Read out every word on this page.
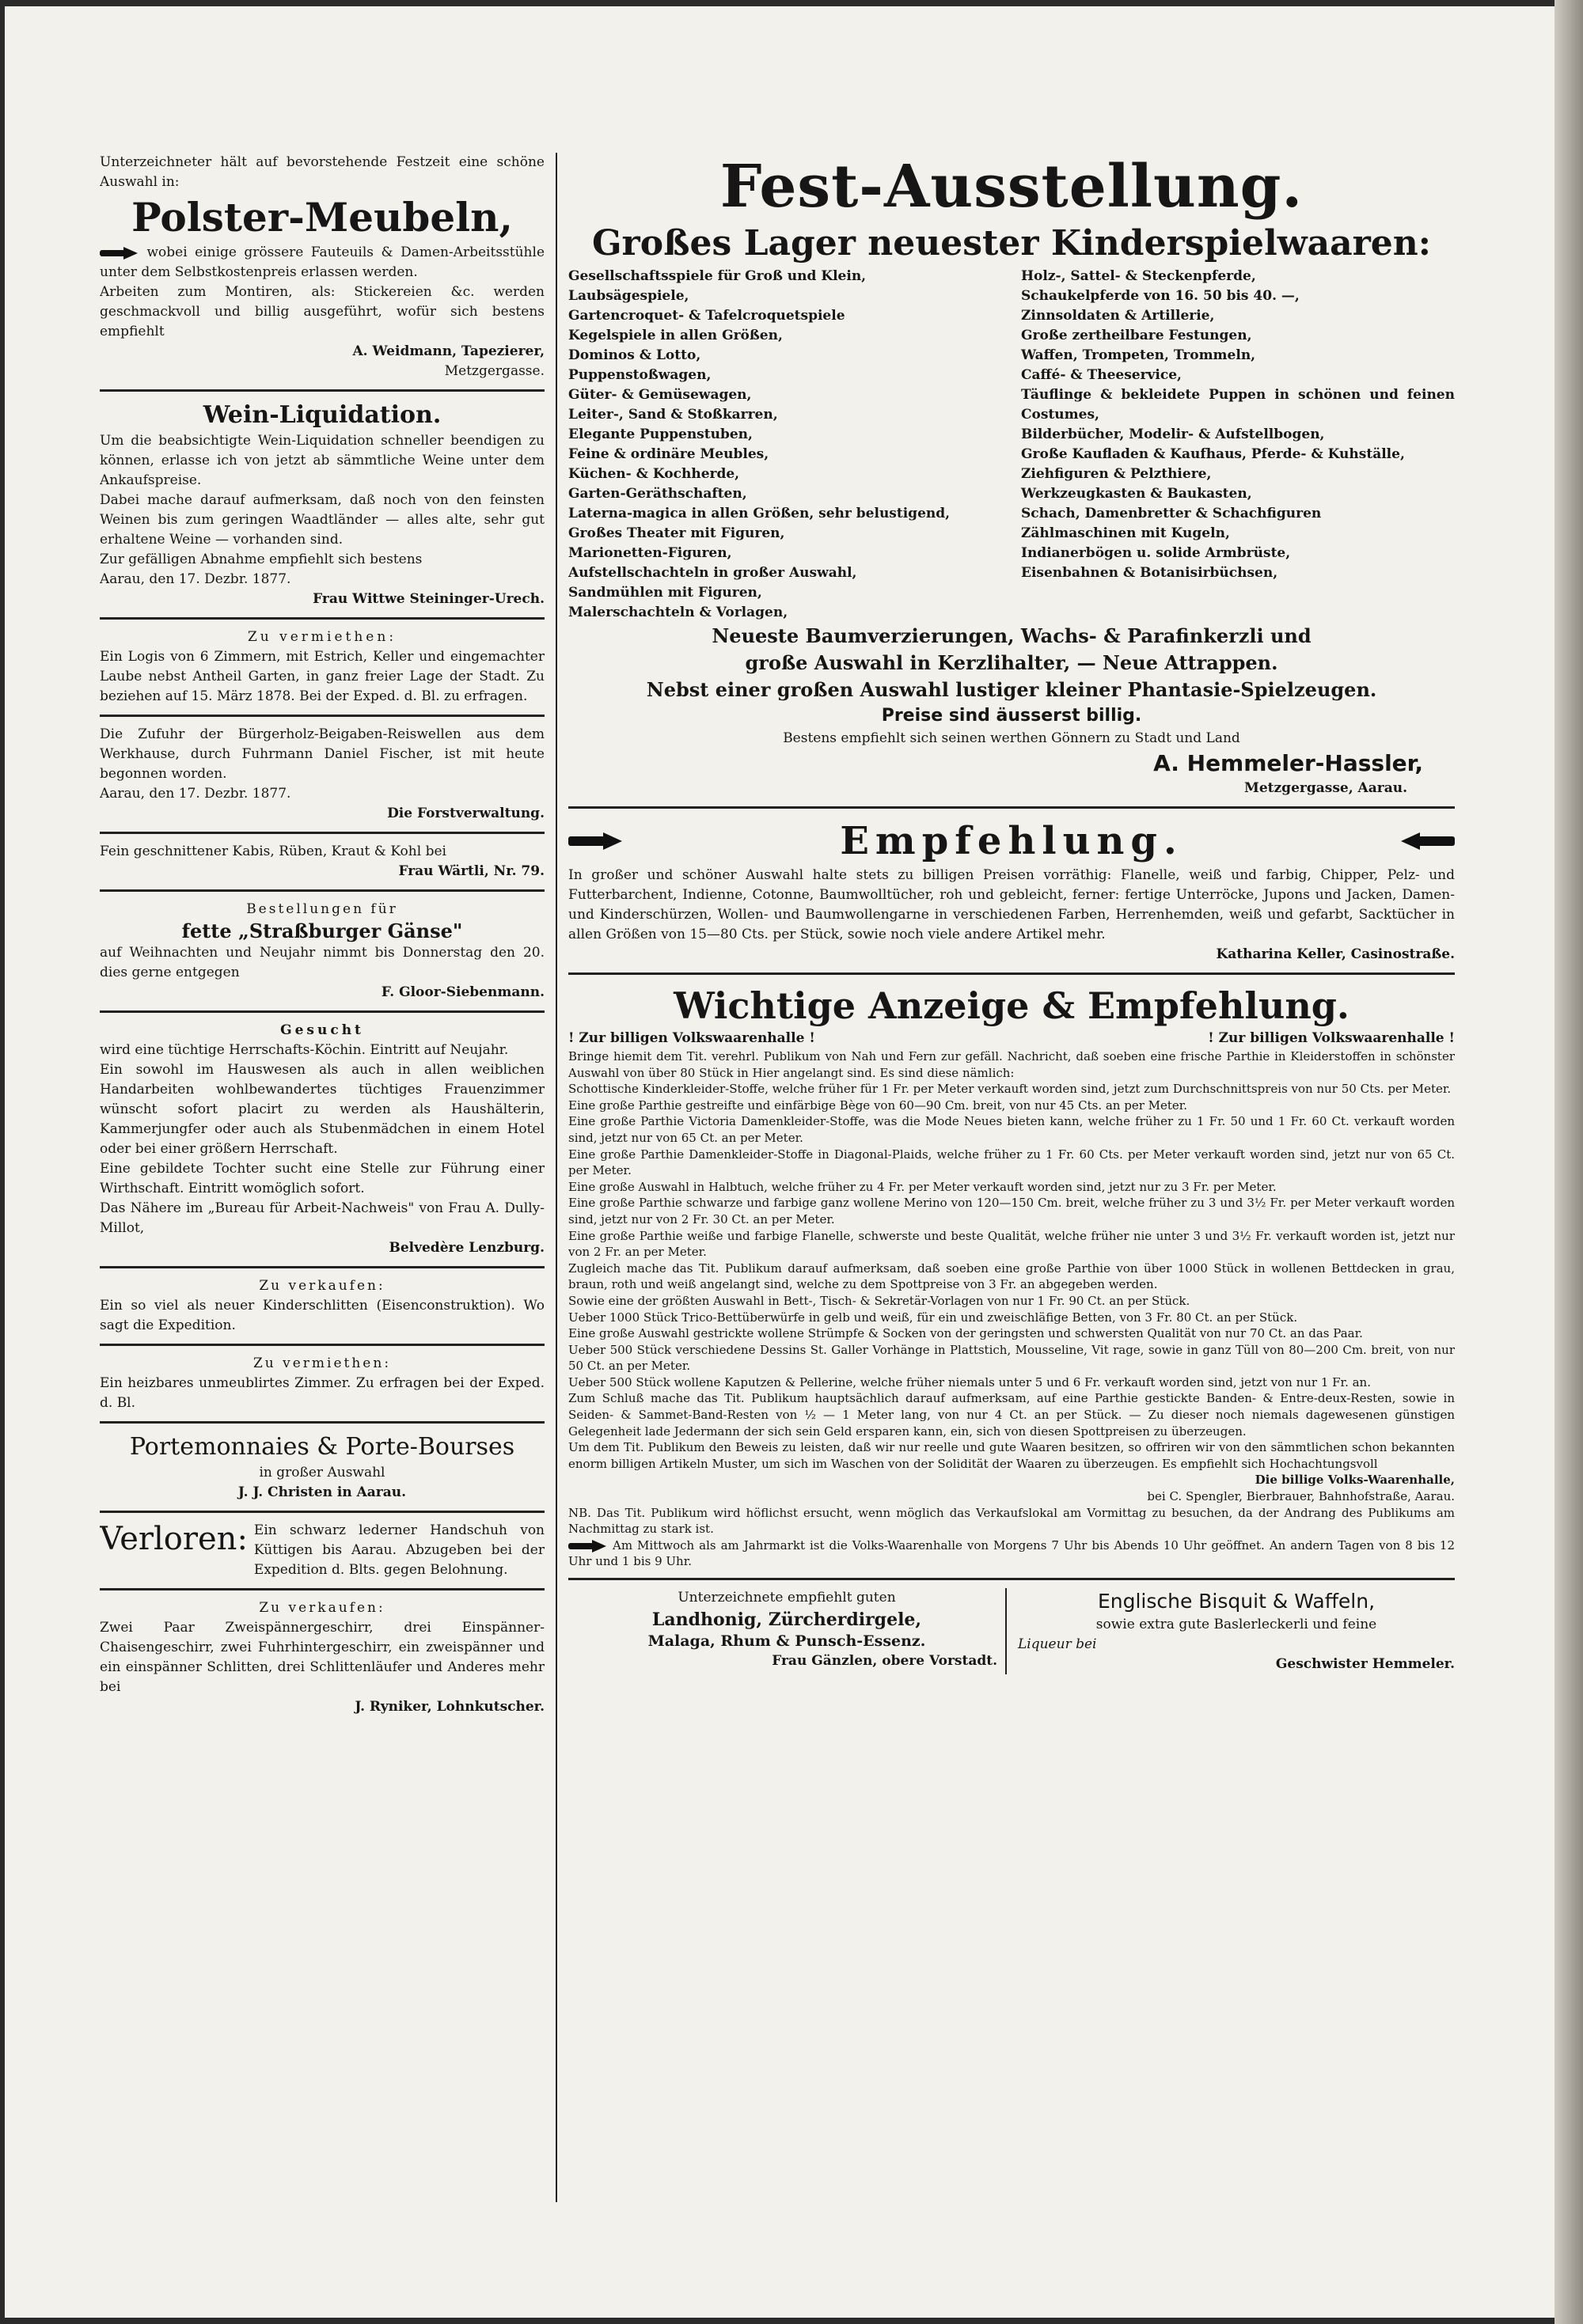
Unterzeichneter hält auf bevorstehende Festzeit eine schöne Auswahl in:

Polster-Meubeln,

wobei einige grössere Fauteuils & Damen-Arbeitsstühle unter dem Selbstkostenpreis erlassen werden.

Arbeiten zum Montiren, als: Stickereien &c. werden geschmackvoll und billig ausgeführt, wofür sich bestens empfiehlt

A. Weidmann, Tapezierer,

Metzgergasse.

Wein-Liquidation.

Um die beabsichtigte Wein-Liquidation schneller beendigen zu können, erlasse ich von jetzt ab sämmtliche Weine unter dem Ankaufspreise.

Dabei mache darauf aufmerksam, daß noch von den feinsten Weinen bis zum geringen Waadtländer — alles alte, sehr gut erhaltene Weine — vorhanden sind.

Zur gefälligen Abnahme empfiehlt sich bestens

Aarau, den 17. Dezbr. 1877.

Frau Wittwe Steininger-Urech.

Zu vermiethen:

Ein Logis von 6 Zimmern, mit Estrich, Keller und eingemachter Laube nebst Antheil Garten, in ganz freier Lage der Stadt. Zu beziehen auf 15. März 1878. Bei der Exped. d. Bl. zu erfragen.

Die Zufuhr der Bürgerholz-Beigaben-Reiswellen aus dem Werkhause, durch Fuhrmann Daniel Fischer, ist mit heute begonnen worden.

Aarau, den 17. Dezbr. 1877.

Die Forstverwaltung.

Fein geschnittener Kabis, Rüben, Kraut & Kohl bei

Frau Wärtli, Nr. 79.

Bestellungen für

fette „Straßburger Gänse"

auf Weihnachten und Neujahr nimmt bis Donnerstag den 20. dies gerne entgegen

F. Gloor-Siebenmann.

Gesucht

wird eine tüchtige Herrschafts-Köchin. Eintritt auf Neujahr.

Ein sowohl im Hauswesen als auch in allen weiblichen Handarbeiten wohlbewandertes tüchtiges Frauenzimmer wünscht sofort placirt zu werden als Haushälterin, Kammerjungfer oder auch als Stubenmädchen in einem Hotel oder bei einer größern Herrschaft.

Eine gebildete Tochter sucht eine Stelle zur Führung einer Wirthschaft. Eintritt womöglich sofort.

Das Nähere im „Bureau für Arbeit-Nachweis" von Frau A. Dully-Millot,

Belvedère Lenzburg.

Zu verkaufen:

Ein so viel als neuer Kinderschlitten (Eisenconstruktion). Wo sagt die Expedition.

Zu vermiethen:

Ein heizbares unmeublirtes Zimmer. Zu erfragen bei der Exped. d. Bl.

Portemonnaies & Porte-Bourses

in großer Auswahl

J. J. Christen in Aarau.

Verloren: Ein schwarz lederner Handschuh von Küttigen bis Aarau. Abzugeben bei der Expedition d. Blts. gegen Belohnung.

Zu verkaufen:

Zwei Paar Zweispännergeschirr, drei Einspänner-Chaisengeschirr, zwei Fuhrhintergeschirr, ein zweispänner und ein einspänner Schlitten, drei Schlittenläufer und Anderes mehr bei

J. Ryniker, Lohnkutscher.

Fest-Ausstellung.

Großes Lager neuester Kinderspielwaaren:

Gesellschaftsspiele für Groß und Klein,

Laubsägespiele,

Gartencroquet- & Tafelcroquetspiele

Kegelspiele in allen Größen,

Dominos & Lotto,

Puppenstoßwagen,

Güter- & Gemüsewagen,

Leiter-, Sand & Stoßkarren,

Elegante Puppenstuben,

Feine & ordinäre Meubles,

Küchen- & Kochherde,

Garten-Geräthschaften,

Laterna-magica in allen Größen, sehr belustigend,

Großes Theater mit Figuren,

Marionetten-Figuren,

Aufstellschachteln in großer Auswahl,

Sandmühlen mit Figuren,

Malerschachteln & Vorlagen,

Holz-, Sattel- & Steckenpferde,

Schaukelpferde von 16. 50 bis 40. —,

Zinnsoldaten & Artillerie,

Große zertheilbare Festungen,

Waffen, Trompeten, Trommeln,

Caffé- & Theeservice,

Täuflinge & bekleidete Puppen in schönen und feinen Costumes,

Bilderbücher, Modelir- & Aufstellbogen,

Große Kaufladen & Kaufhaus, Pferde- & Kuhställe,

Ziehfiguren & Pelzthiere,

Werkzeugkasten & Baukasten,

Schach, Damenbretter & Schachfiguren

Zählmaschinen mit Kugeln,

Indianerbögen u. solide Armbrüste,

Eisenbahnen & Botanisirbüchsen,

Neueste Baumverzierungen, Wachs- & Parafinkerzli und

große Auswahl in Kerzlihalter, — Neue Attrappen.

Nebst einer großen Auswahl lustiger kleiner Phantasie-Spielzeugen.

Preise sind äusserst billig.

Bestens empfiehlt sich seinen werthen Gönnern zu Stadt und Land

A. Hemmeler-Hassler,

Metzgergasse, Aarau.

Empfehlung.

In großer und schöner Auswahl halte stets zu billigen Preisen vorräthig: Flanelle, weiß und farbig, Chipper, Pelz- und Futterbarchent, Indienne, Cotonne, Baumwolltücher, roh und gebleicht, ferner: fertige Unterröcke, Jupons und Jacken, Damen- und Kinderschürzen, Wollen- und Baumwollengarne in verschiedenen Farben, Herrenhemden, weiß und gefarbt, Sacktücher in allen Größen von 15—80 Cts. per Stück, sowie noch viele andere Artikel mehr.

Katharina Keller, Casinostraße.

Wichtige Anzeige & Empfehlung.

! Zur billigen Volkswaarenhalle !	! Zur billigen Volkswaarenhalle !

Bringe hiemit dem Tit. verehrl. Publikum von Nah und Fern zur gefäll. Nachricht, daß soeben eine frische Parthie in Kleiderstoffen in schönster Auswahl von über 80 Stück in Hier angelangt sind. Es sind diese nämlich:

Schottische Kinderkleider-Stoffe, welche früher für 1 Fr. per Meter verkauft worden sind, jetzt zum Durchschnittspreis von nur 50 Cts. per Meter.

Eine große Parthie gestreifte und einfärbige Bège von 60—90 Cm. breit, von nur 45 Cts. an per Meter.

Eine große Parthie Victoria Damenkleider-Stoffe, was die Mode Neues bieten kann, welche früher zu 1 Fr. 50 und 1 Fr. 60 Ct. verkauft worden sind, jetzt nur von 65 Ct. an per Meter.

Eine große Parthie Damenkleider-Stoffe in Diagonal-Plaids, welche früher zu 1 Fr. 60 Cts. per Meter verkauft worden sind, jetzt nur von 65 Ct. per Meter.

Eine große Auswahl in Halbtuch, welche früher zu 4 Fr. per Meter verkauft worden sind, jetzt nur zu 3 Fr. per Meter.

Eine große Parthie schwarze und farbige ganz wollene Merino von 120—150 Cm. breit, welche früher zu 3 und 3½ Fr. per Meter verkauft worden sind, jetzt nur von 2 Fr. 30 Ct. an per Meter.

Eine große Parthie weiße und farbige Flanelle, schwerste und beste Qualität, welche früher nie unter 3 und 3½ Fr. verkauft worden ist, jetzt nur von 2 Fr. an per Meter.

Zugleich mache das Tit. Publikum darauf aufmerksam, daß soeben eine große Parthie von über 1000 Stück in wollenen Bettdecken in grau, braun, roth und weiß angelangt sind, welche zu dem Spottpreise von 3 Fr. an abgegeben werden.

Sowie eine der größten Auswahl in Bett-, Tisch- & Sekretär-Vorlagen von nur 1 Fr. 90 Ct. an per Stück.

Ueber 1000 Stück Trico-Bettüberwürfe in gelb und weiß, für ein und zweischläfige Betten, von 3 Fr. 80 Ct. an per Stück.

Eine große Auswahl gestrickte wollene Strümpfe & Socken von der geringsten und schwersten Qualität von nur 70 Ct. an das Paar.

Ueber 500 Stück verschiedene Dessins St. Galler Vorhänge in Plattstich, Mousseline, Vit rage, sowie in ganz Tüll von 80—200 Cm. breit, von nur 50 Ct. an per Meter.

Ueber 500 Stück wollene Kaputzen & Pellerine, welche früher niemals unter 5 und 6 Fr. verkauft worden sind, jetzt von nur 1 Fr. an.

Zum Schluß mache das Tit. Publikum hauptsächlich darauf aufmerksam, auf eine Parthie gestickte Banden- & Entre-deux-Resten, sowie in Seiden- & Sammet-Band-Resten von ½ — 1 Meter lang, von nur 4 Ct. an per Stück. — Zu dieser noch niemals dagewesenen günstigen Gelegenheit lade Jedermann der sich sein Geld ersparen kann, ein, sich von diesen Spottpreisen zu überzeugen.

Um dem Tit. Publikum den Beweis zu leisten, daß wir nur reelle und gute Waaren besitzen, so offriren wir von den sämmtlichen schon bekannten enorm billigen Artikeln Muster, um sich im Waschen von der Solidität der Waaren zu überzeugen. Es empfiehlt sich Hochachtungsvoll

Die billige Volks-Waarenhalle,

bei C. Spengler, Bierbrauer, Bahnhofstraße, Aarau.

NB. Das Tit. Publikum wird höflichst ersucht, wenn möglich das Verkaufslokal am Vormittag zu besuchen, da der Andrang des Publikums am Nachmittag zu stark ist.

Am Mittwoch als am Jahrmarkt ist die Volks-Waarenhalle von Morgens 7 Uhr bis Abends 10 Uhr geöffnet. An andern Tagen von 8 bis 12 Uhr und 1 bis 9 Uhr.

Unterzeichnete empfiehlt guten

Landhonig, Zürcherdirgele,

Malaga, Rhum & Punsch-Essenz.

Frau Gänzlen, obere Vorstadt.

Englische Bisquit & Waffeln,

sowie extra gute Baslerleckerli und feine

Liqueur bei

Geschwister Hemmeler.
